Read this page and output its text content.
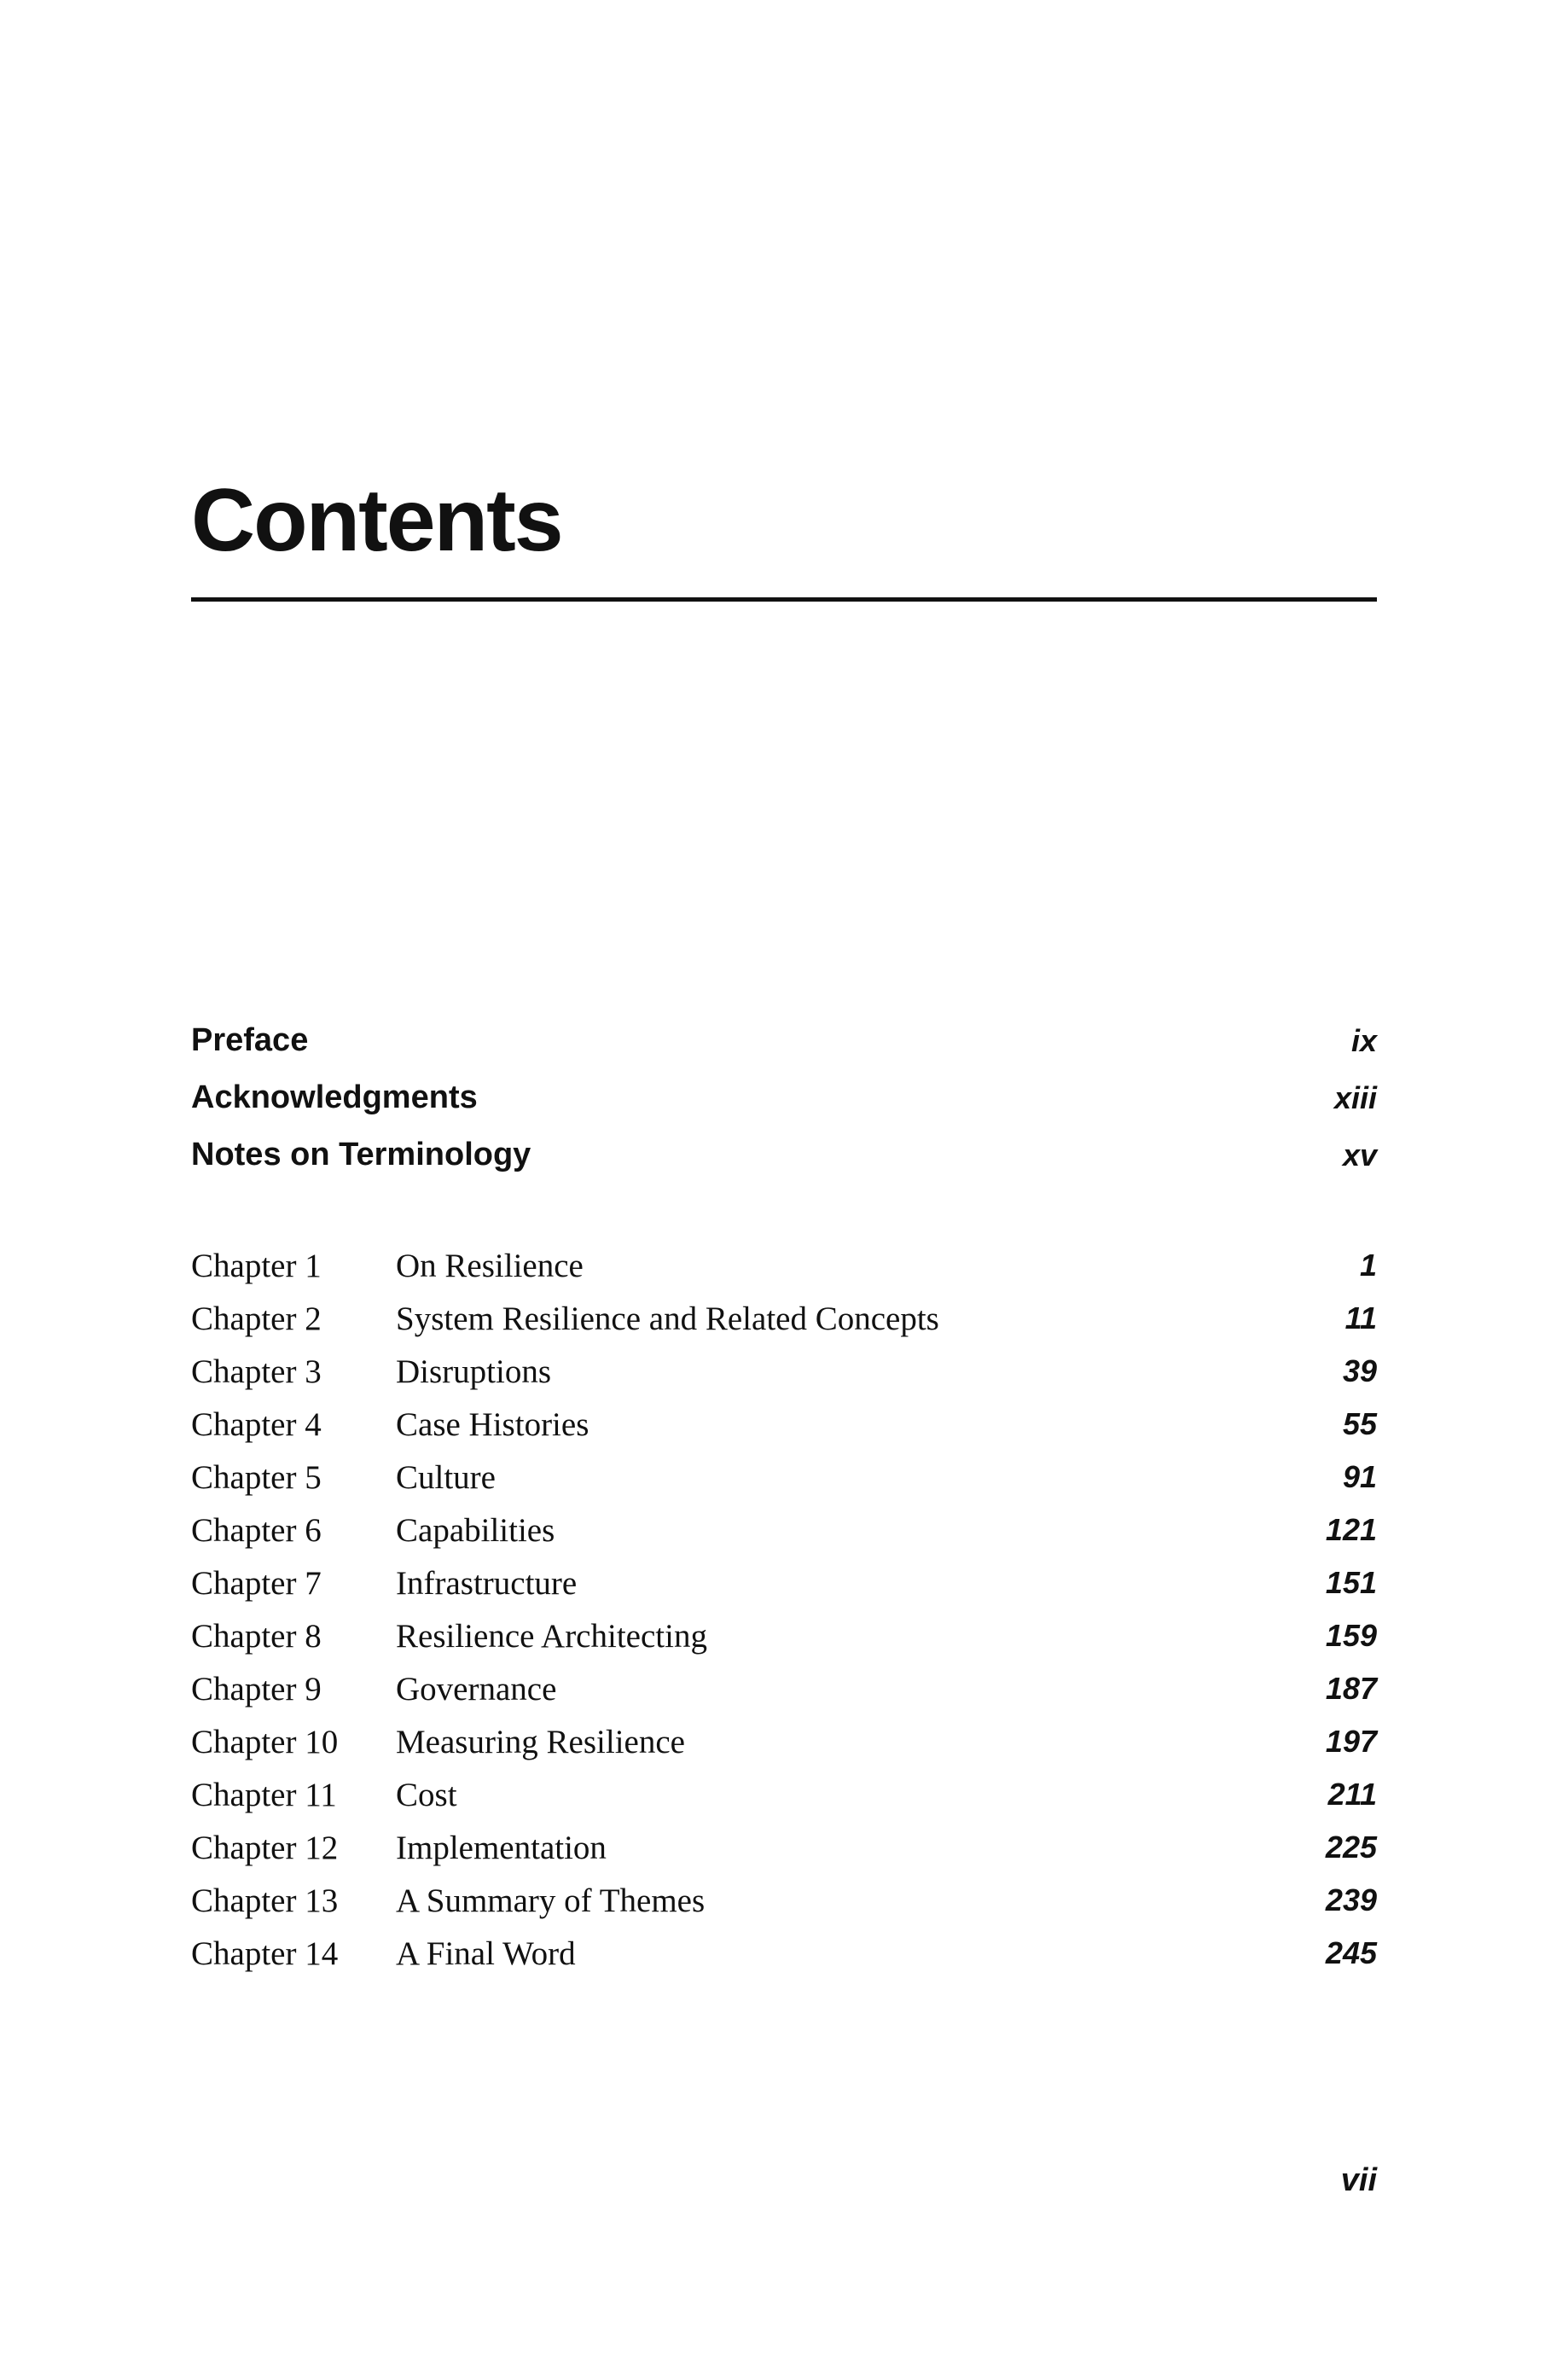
Contents
Preface	ix
Acknowledgments	xiii
Notes on Terminology	xv
Chapter 1	On Resilience	1
Chapter 2	System Resilience and Related Concepts	11
Chapter 3	Disruptions	39
Chapter 4	Case Histories	55
Chapter 5	Culture	91
Chapter 6	Capabilities	121
Chapter 7	Infrastructure	151
Chapter 8	Resilience Architecting	159
Chapter 9	Governance	187
Chapter 10	Measuring Resilience	197
Chapter 11	Cost	211
Chapter 12	Implementation	225
Chapter 13	A Summary of Themes	239
Chapter 14	A Final Word	245
vii
